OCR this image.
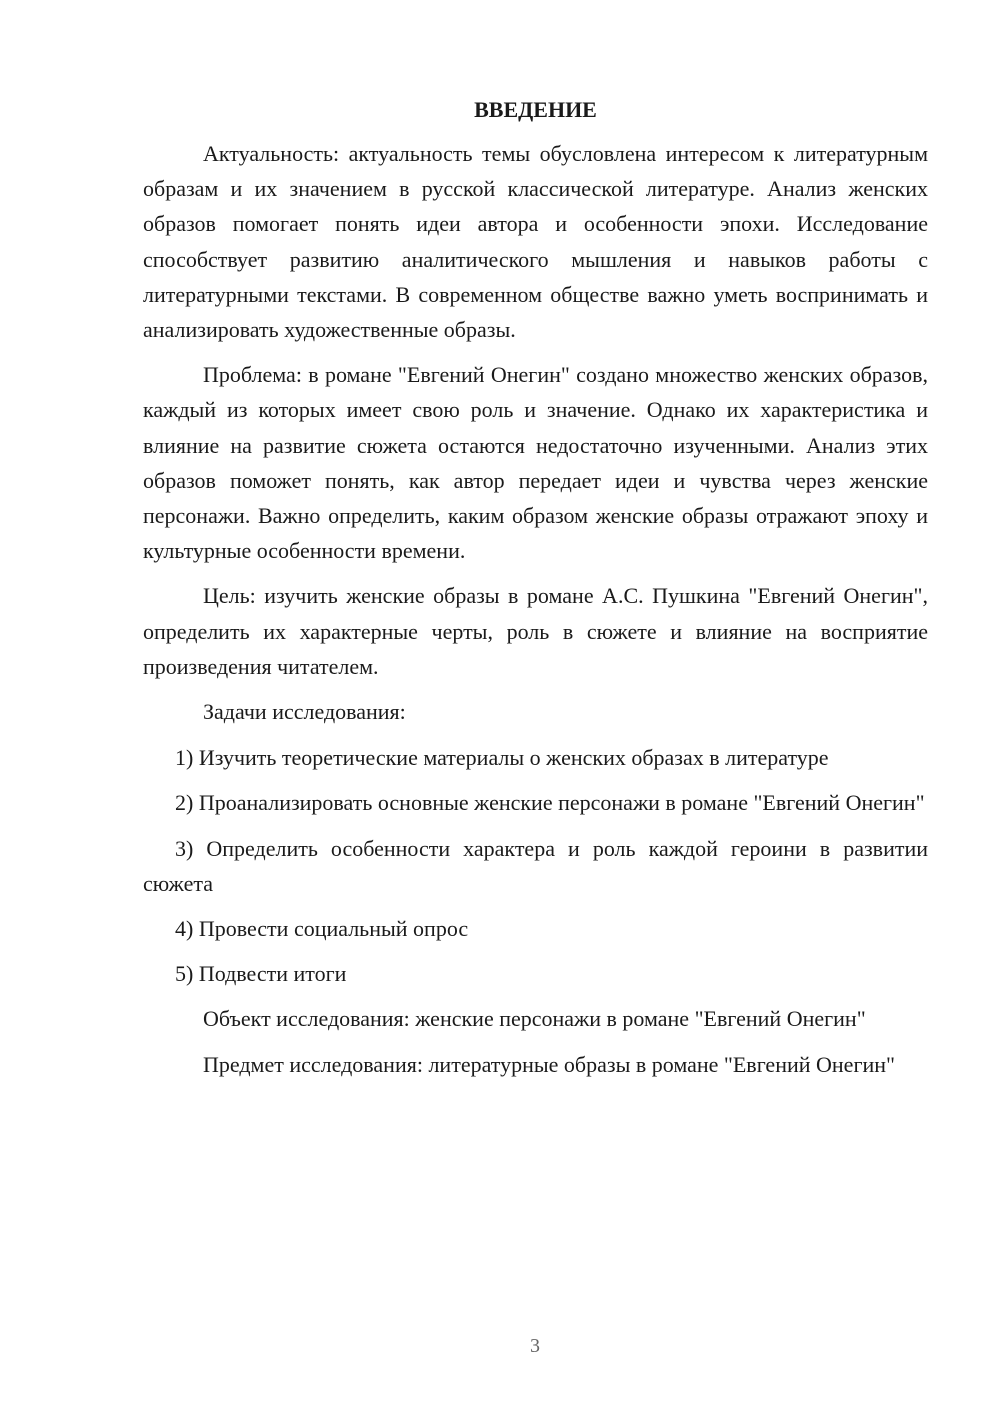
ВВЕДЕНИЕ

Актуальность: актуальность темы обусловлена интересом к литературным образам и их значением в русской классической литературе. Анализ женских образов помогает понять идеи автора и особенности эпохи. Исследование способствует развитию аналитического мышления и навыков работы с литературными текстами. В современном обществе важно уметь воспринимать и анализировать художественные образы.

Проблема: в романе "Евгений Онегин" создано множество женских образов, каждый из которых имеет свою роль и значение. Однако их характеристика и влияние на развитие сюжета остаются недостаточно изученными. Анализ этих образов поможет понять, как автор передает идеи и чувства через женские персонажи. Важно определить, каким образом женские образы отражают эпоху и культурные особенности времени.

Цель: изучить женские образы в романе А.С. Пушкина "Евгений Онегин", определить их характерные черты, роль в сюжете и влияние на восприятие произведения читателем.

Задачи исследования:

1) Изучить теоретические материалы о женских образах в литературе

2) Проанализировать основные женские персонажи в романе "Евгений Онегин"

3) Определить особенности характера и роль каждой героини в развитии сюжета

4) Провести социальный опрос

5) Подвести итоги

Объект исследования: женские персонажи в романе "Евгений Онегин"

Предмет исследования: литературные образы в романе "Евгений Онегин"

3
